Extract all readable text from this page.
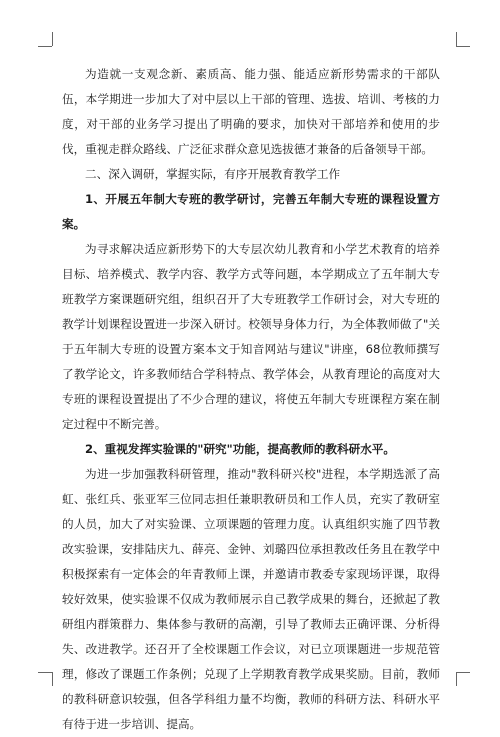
为造就一支观念新、素质高、能力强、能适应新形势需求的干部队伍，本学期进一步加大了对中层以上干部的管理、选拔、培训、考核的力度，对干部的业务学习提出了明确的要求，加快对干部培养和使用的步伐，重视走群众路线、广泛征求群众意见选拔德才兼备的后备领导干部。

二、深入调研，掌握实际，有序开展教育教学工作

1、开展五年制大专班的教学研讨，完善五年制大专班的课程设置方案。

为寻求解决适应新形势下的大专层次幼儿教育和小学艺术教育的培养目标、培养模式、教学内容、教学方式等问题，本学期成立了五年制大专班教学方案课题研究组，组织召开了大专班教学工作研讨会，对大专班的教学计划课程设置进一步深入研讨。校领导身体力行，为全体教师做了"关于五年制大专班的设置方案本文于知音网站与建议"讲座，68位教师撰写了教学论文，许多教师结合学科特点、教学体会，从教育理论的高度对大专班的课程设置提出了不少合理的建议，将使五年制大专班课程方案在制定过程中不断完善。

2、重视发挥实验课的"研究"功能，提高教师的教科研水平。

为进一步加强教科研管理，推动"教科研兴校"进程，本学期选派了高虹、张红兵、张亚军三位同志担任兼职教研员和工作人员，充实了教研室的人员，加大了对实验课、立项课题的管理力度。认真组织实施了四节教改实验课，安排陆庆九、薛亮、金钟、刘璐四位承担教改任务且在教学中积极探索有一定体会的年青教师上课，并邀请市教委专家现场评课，取得较好效果，使实验课不仅成为教师展示自己教学成果的舞台，还掀起了教研组内群策群力、集体参与教研的高潮，引导了教师去正确评课、分析得失、改进教学。还召开了全校课题工作会议，对已立项课题进一步规范管理，修改了课题工作条例；兑现了上学期教育教学成果奖励。目前，教师的教科研意识较强，但各学科组力量不均衡，教师的科研方法、科研水平有待于进一步培训、提高。
